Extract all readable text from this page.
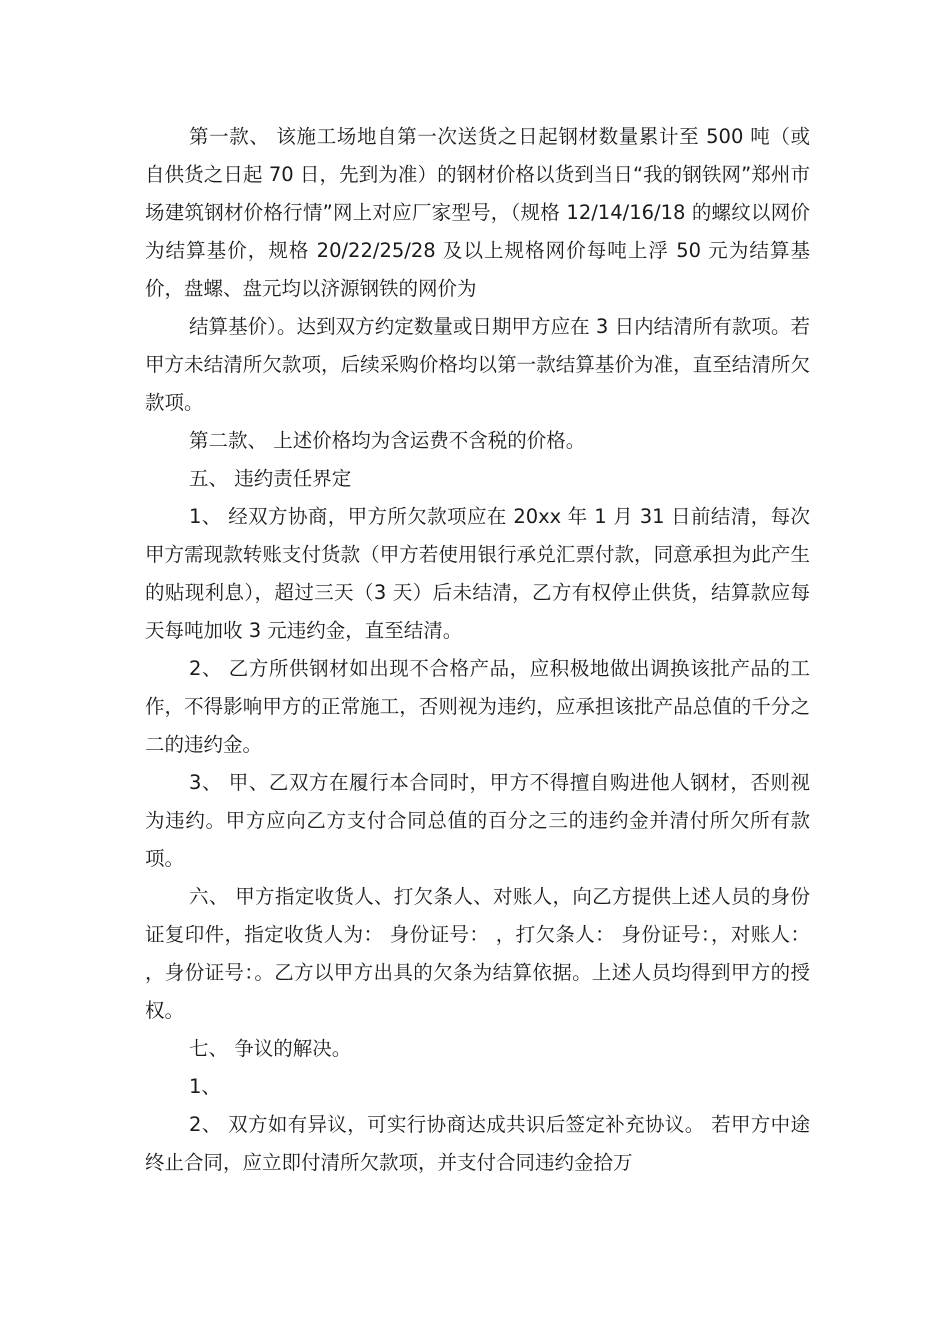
第一款、 该施工场地自第一次送货之日起钢材数量累计至 500 吨（或自供货之日起 70 日，先到为准）的钢材价格以货到当日“我的钢铁网”郑州市场建筑钢材价格行情”网上对应厂家型号，（规格 12/14/16/18 的螺纹以网价为结算基价，规格 20/22/25/28 及以上规格网价每吨上浮 50 元为结算基价，盘螺、盘元均以济源钢铁的网价为

结算基价）。达到双方约定数量或日期甲方应在 3 日内结清所有款项。若甲方未结清所欠款项，后续采购价格均以第一款结算基价为准，直至结清所欠款项。

第二款、 上述价格均为含运费不含税的价格。

五、 违约责任界定

1、 经双方协商，甲方所欠款项应在 20xx 年 1 月 31 日前结清，每次甲方需现款转账支付货款（甲方若使用银行承兑汇票付款，同意承担为此产生的贴现利息），超过三天（3 天）后未结清，乙方有权停止供货，结算款应每天每吨加收 3 元违约金，直至结清。

2、 乙方所供钢材如出现不合格产品，应积极地做出调换该批产品的工作，不得影响甲方的正常施工，否则视为违约，应承担该批产品总值的千分之二的违约金。

3、 甲、乙双方在履行本合同时，甲方不得擅自购进他人钢材，否则视为违约。甲方应向乙方支付合同总值的百分之三的违约金并清付所欠所有款项。

六、 甲方指定收货人、打欠条人、对账人，向乙方提供上述人员的身份证复印件，指定收货人为： 身份证号： ，打欠条人： 身份证号：，对账人： ，身份证号：。乙方以甲方出具的欠条为结算依据。上述人员均得到甲方的授权。

七、 争议的解决。

1、

2、 双方如有异议，可实行协商达成共识后签定补充协议。 若甲方中途终止合同，应立即付清所欠款项，并支付合同违约金拾万
